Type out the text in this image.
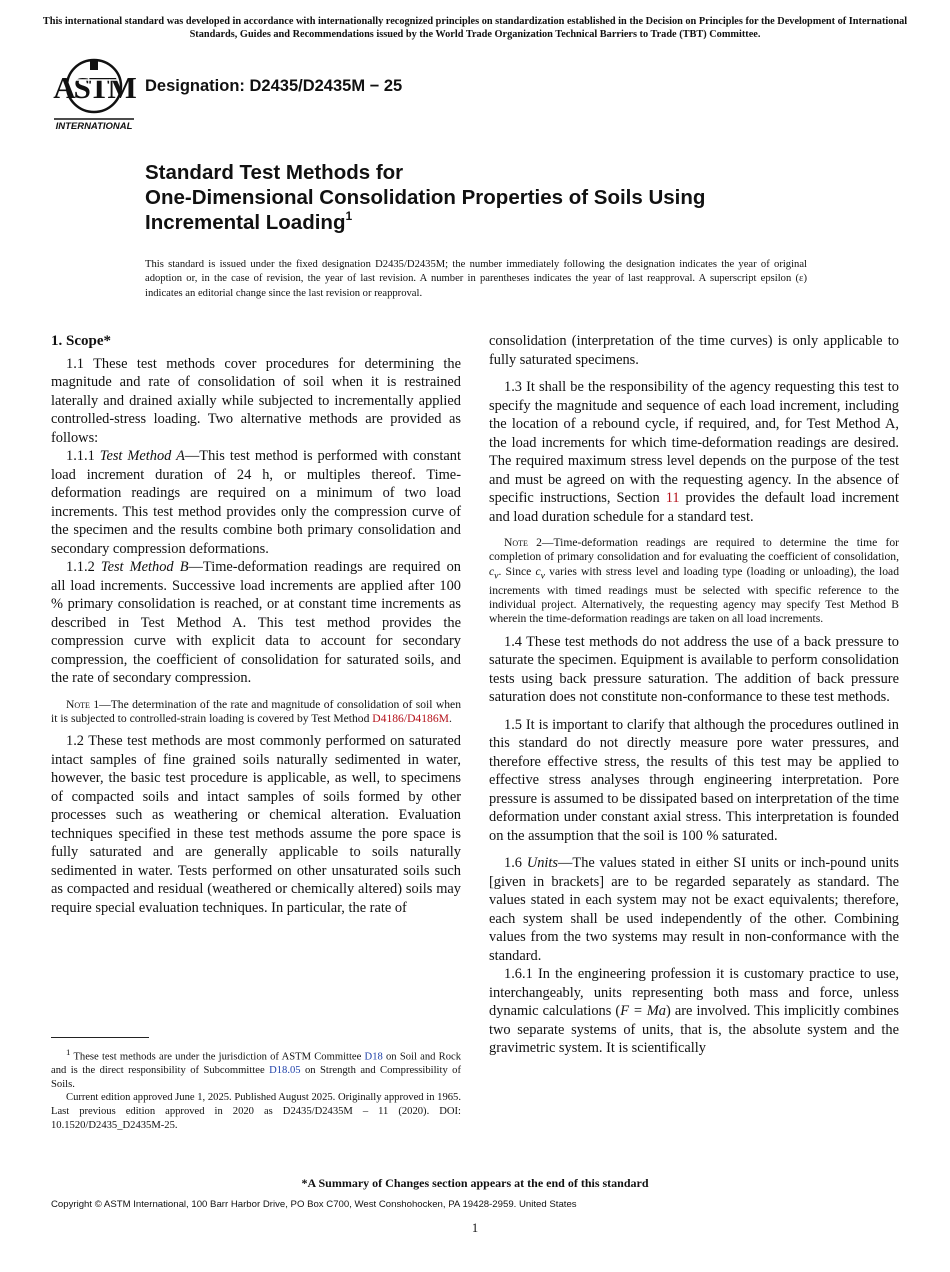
This international standard was developed in accordance with internationally recognized principles on standardization established in the Decision on Principles for the Development of International Standards, Guides and Recommendations issued by the World Trade Organization Technical Barriers to Trade (TBT) Committee.
ASTM
INTERNATIONAL
Designation: D2435/D2435M − 25
Standard Test Methods for
One-Dimensional Consolidation Properties of Soils Using
Incremental Loading$^1$
This standard is issued under the fixed designation D2435/D2435M; the number immediately following the designation indicates the year of original adoption or, in the case of revision, the year of last revision. A number in parentheses indicates the year of last reapproval. A superscript epsilon (ε) indicates an editorial change since the last revision or reapproval.
1. Scope*

1.1 These test methods cover procedures for determining the magnitude and rate of consolidation of soil when it is restrained laterally and drained axially while subjected to incrementally applied controlled-stress loading. Two alternative methods are provided as follows:

1.1.1 Test Method A—This test method is performed with constant load increment duration of 24 h, or multiples thereof. Time-deformation readings are required on a minimum of two load increments. This test method provides only the compression curve of the specimen and the results combine both primary consolidation and secondary compression deformations.

1.1.2 Test Method B—Time-deformation readings are required on all load increments. Successive load increments are applied after 100 % primary consolidation is reached, or at constant time increments as described in Test Method A. This test method provides the compression curve with explicit data to account for secondary compression, the coefficient of consolidation for saturated soils, and the rate of secondary compression.

Note 1—The determination of the rate and magnitude of consolidation of soil when it is subjected to controlled-strain loading is covered by Test Method D4186/D4186M.

1.2 These test methods are most commonly performed on saturated intact samples of fine grained soils naturally sedimented in water, however, the basic test procedure is applicable, as well, to specimens of compacted soils and intact samples of soils formed by other processes such as weathering or chemical alteration. Evaluation techniques specified in these test methods assume the pore space is fully saturated and are generally applicable to soils naturally sedimented in water. Tests performed on other unsaturated soils such as compacted and residual (weathered or chemically altered) soils may require special evaluation techniques. In particular, the rate of

consolidation (interpretation of the time curves) is only applicable to fully saturated specimens.

1.3 It shall be the responsibility of the agency requesting this test to specify the magnitude and sequence of each load increment, including the location of a rebound cycle, if required, and, for Test Method A, the load increments for which time-deformation readings are desired. The required maximum stress level depends on the purpose of the test and must be agreed on with the requesting agency. In the absence of specific instructions, Section 11 provides the default load increment and load duration schedule for a standard test.

Note 2—Time-deformation readings are required to determine the time for completion of primary consolidation and for evaluating the coefficient of consolidation, $c_v$. Since $c_v$ varies with stress level and loading type (loading or unloading), the load increments with timed readings must be selected with specific reference to the individual project. Alternatively, the requesting agency may specify Test Method B wherein the time-deformation readings are taken on all load increments.

1.4 These test methods do not address the use of a back pressure to saturate the specimen. Equipment is available to perform consolidation tests using back pressure saturation. The addition of back pressure saturation does not constitute non-conformance to these test methods.

1.5 It is important to clarify that although the procedures outlined in this standard do not directly measure pore water pressures, and therefore effective stress, the results of this test may be applied to effective stress analyses through engineering interpretation. Pore pressure is assumed to be dissipated based on interpretation of the time deformation under constant axial stress. This interpretation is founded on the assumption that the soil is 100 % saturated.

1.6 Units—The values stated in either SI units or inch-pound units [given in brackets] are to be regarded separately as standard. The values stated in each system may not be exact equivalents; therefore, each system shall be used independently of the other. Combining values from the two systems may result in non-conformance with the standard.

1.6.1 In the engineering profession it is customary practice to use, interchangeably, units representing both mass and force, unless dynamic calculations (F = Ma) are involved. This implicitly combines two separate systems of units, that is, the absolute system and the gravimetric system. It is scientifically

$^1$ These test methods are under the jurisdiction of ASTM Committee D18 on Soil and Rock and is the direct responsibility of Subcommittee D18.05 on Strength and Compressibility of Soils.

Current edition approved June 1, 2025. Published August 2025. Originally approved in 1965. Last previous edition approved in 2020 as D2435/D2435M – 11 (2020). DOI: 10.1520/D2435_D2435M-25.

*A Summary of Changes section appears at the end of this standard
Copyright © ASTM International, 100 Barr Harbor Drive, PO Box C700, West Conshohocken, PA 19428-2959. United States
1
